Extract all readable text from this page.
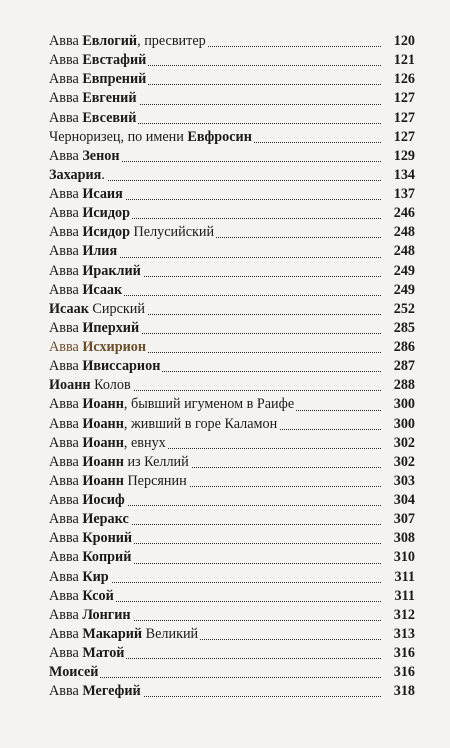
Авва Евлогий, пресвитер	120
Авва Евстафий	121
Авва Евпрений	126
Авва Евгений	127
Авва Евсевий	127
Черноризец, по имени Евфросин	127
Авва Зенон	129
Захария.	134
Авва Исаия	137
Авва Исидор	246
Авва Исидор Пелусийский	248
Авва Илия	248
Авва Ираклий	249
Авва Исаак	249
Исаак Сирский	252
Авва Иперхий	285
Авва Исхирион	286
Авва Ивиссарион	287
Иоанн Колов	288
Авва Иоанн, бывший игуменом в Раифе	300
Авва Иоанн, живший в горе Каламон	300
Авва Иоанн, евнух	302
Авва Иоанн из Келлий	302
Авва Иоанн Персянин	303
Авва Иосиф	304
Авва Иеракс	307
Авва Кроний	308
Авва Коприй	310
Авва Кир	311
Авва Ксой	311
Авва Лонгин	312
Авва Макарий Великий	313
Авва Матой	316
Моисей	316
Авва Мегефий	318
